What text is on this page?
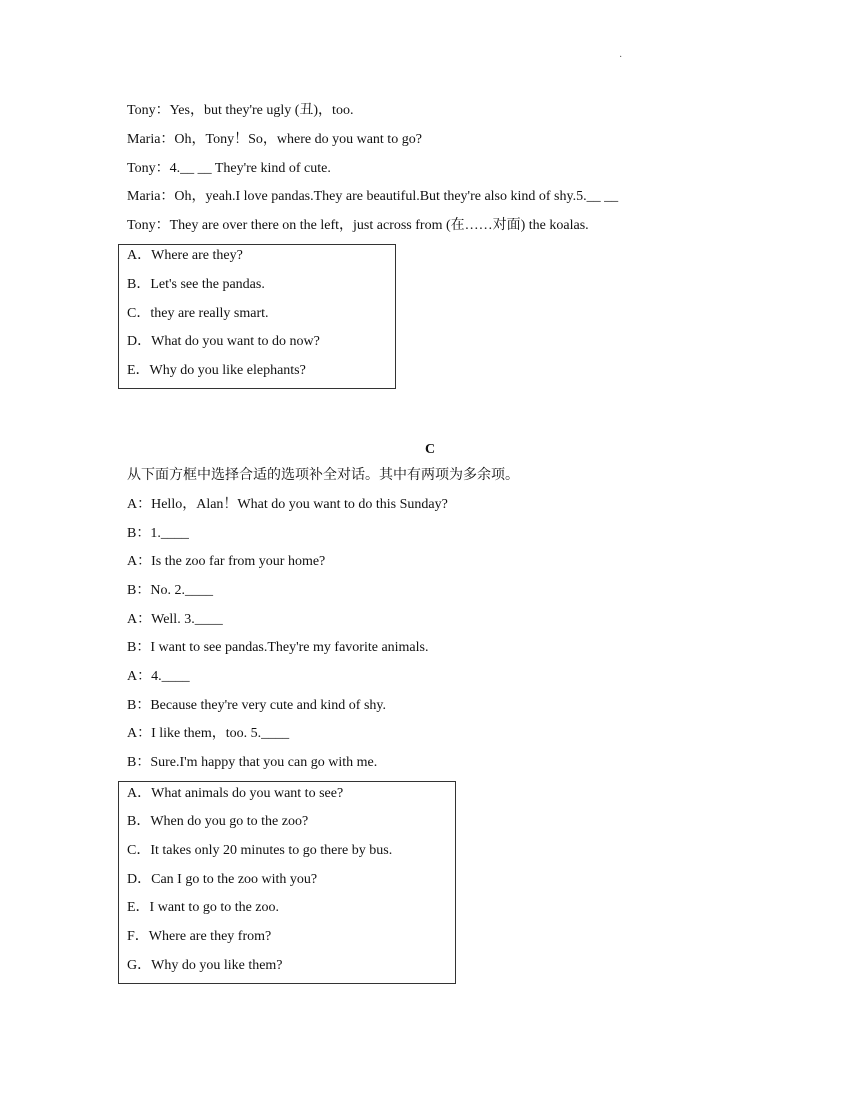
·
Tony：Yes，but they're ugly (丑)，too.
Maria：Oh，Tony！So，where do you want to go?
Tony：4.__ __ They're kind of cute.
Maria：Oh，yeah.I love pandas.They are beautiful.But they're also kind of shy.5.__ __
Tony：They are over there on the left，just across from (在……对面) the koalas.
A．Where are they?
B．Let's see the pandas.
C．they are really smart.
D．What do you want to do now?
E．Why do you like elephants?
C
从下面方框中选择合适的选项补全对话。其中有两项为多余项。
A：Hello，Alan！What do you want to do this Sunday?
B：1.____
A：Is the zoo far from your home?
B：No. 2.____
A：Well. 3.____
B：I want to see pandas.They're my favorite animals.
A：4.____
B：Because they're very cute and kind of shy.
A：I like them，too. 5.____
B：Sure.I'm happy that you can go with me.
A．What animals do you want to see?
B．When do you go to the zoo?
C．It takes only 20 minutes to go there by bus.
D．Can I go to the zoo with you?
E．I want to go to the zoo.
F．Where are they from?
G．Why do you like them?
